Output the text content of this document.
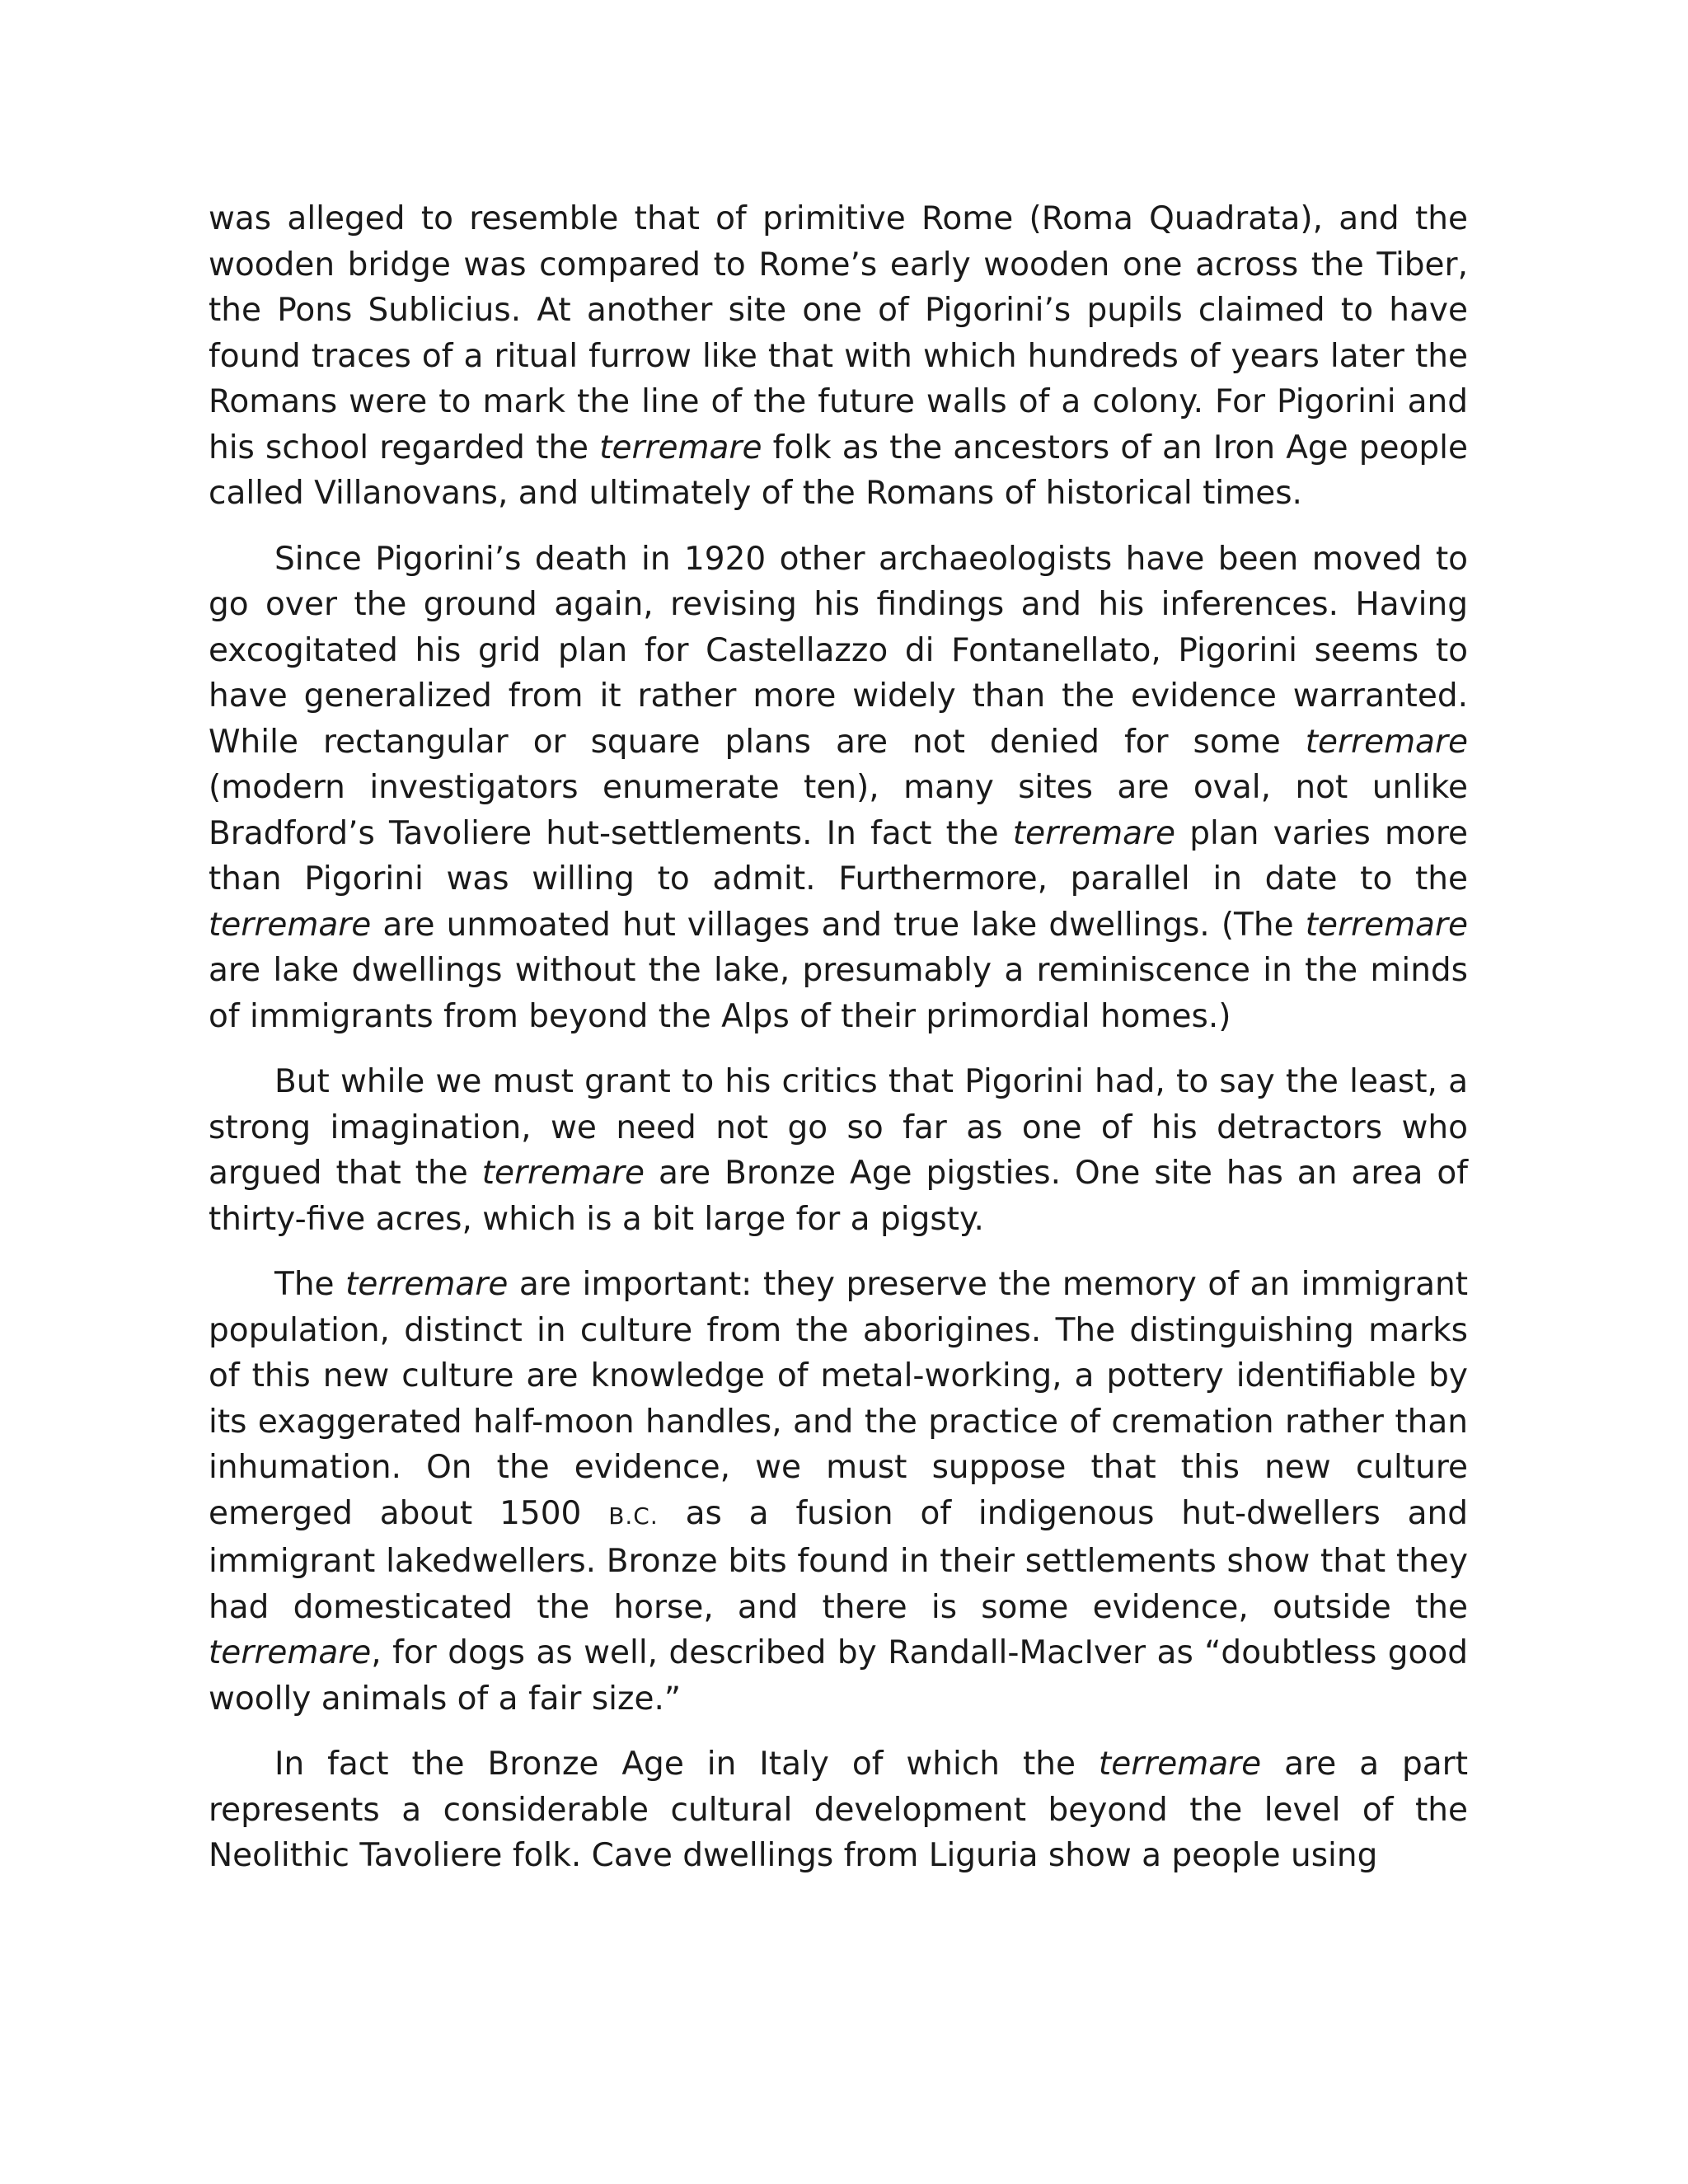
was alleged to resemble that of primitive Rome (Roma Quadrata), and the wooden bridge was compared to Rome’s early wooden one across the Tiber, the Pons Sublicius. At another site one of Pigorini’s pupils claimed to have found traces of a ritual furrow like that with which hundreds of years later the Romans were to mark the line of the future walls of a colony. For Pigorini and his school regarded the terremare folk as the ancestors of an Iron Age people called Villanovans, and ultimately of the Romans of historical times.

Since Pigorini’s death in 1920 other archaeologists have been moved to go over the ground again, revising his findings and his inferences. Having excogitated his grid plan for Castellazzo di Fontanellato, Pigorini seems to have generalized from it rather more widely than the evidence warranted. While rectangular or square plans are not denied for some terremare (modern investigators enumerate ten), many sites are oval, not unlike Bradford’s Tavoliere hut-settlements. In fact the terremare plan varies more than Pigorini was willing to admit. Furthermore, parallel in date to the terremare are unmoated hut villages and true lake dwellings. (The terremare are lake dwellings without the lake, presumably a reminiscence in the minds of immigrants from beyond the Alps of their primordial homes.)

But while we must grant to his critics that Pigorini had, to say the least, a strong imagination, we need not go so far as one of his detractors who argued that the terremare are Bronze Age pigsties. One site has an area of thirty-five acres, which is a bit large for a pigsty.

The terremare are important: they preserve the memory of an immigrant population, distinct in culture from the aborigines. The distinguishing marks of this new culture are knowledge of metal-working, a pottery identifiable by its exaggerated half-moon handles, and the practice of cremation rather than inhumation. On the evidence, we must suppose that this new culture emerged about 1500 B.C. as a fusion of indigenous hut-dwellers and immigrant lakedwellers. Bronze bits found in their settlements show that they had domesticated the horse, and there is some evidence, outside the terremare, for dogs as well, described by Randall-MacIver as “doubtless good woolly animals of a fair size.”

In fact the Bronze Age in Italy of which the terremare are a part represents a considerable cultural development beyond the level of the Neolithic Tavoliere folk. Cave dwellings from Liguria show a people using
